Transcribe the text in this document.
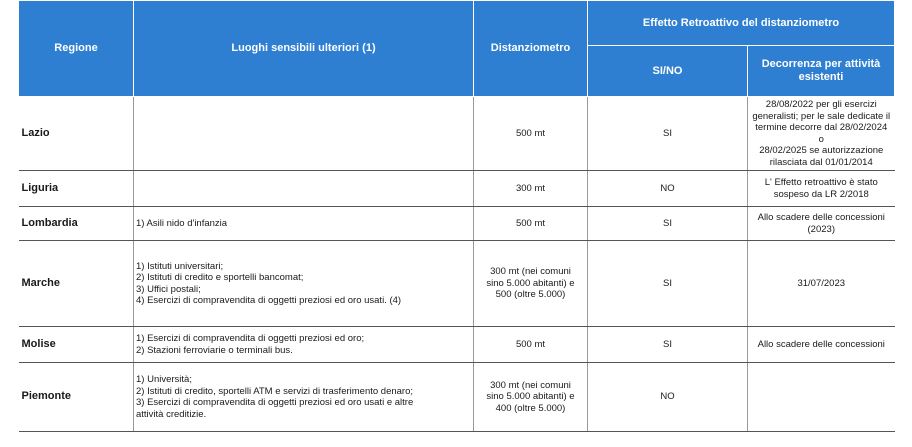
Regione	Luoghi sensibili ulteriori (1)	Distanziometro	Effetto Retroattivo del distanziometro	
			SI/NO	Decorrenza per attività esistenti
Lazio		500 mt	SI	28/08/2022 per gli esercizi
generalisti; per le sale dedicate il
termine decorre dal 28/02/2024 o
28/02/2025 se autorizzazione
rilasciata dal 01/01/2014

Liguria		300 mt	NO	L' Effetto retroattivo è stato
sospeso da LR 2/2018

Lombardia	1) Asili nido d'infanzia	500 mt	SI	Allo scadere delle concessioni
(2023)

Marche	1) Istituti universitari;
2) Istituti di credito e sportelli bancomat;
3) Uffici postali;
4) Esercizi di compravendita di oggetti preziosi ed oro usati. (4)	300 mt (nei comuni
sino 5.000 abitanti) e
500 (oltre 5.000)	SI	31/07/2023

Molise	1) Esercizi di compravendita di oggetti preziosi ed oro;
2) Stazioni ferroviarie o terminali bus.	500 mt	SI	Allo scadere delle concessioni

Piemonte	1) Università;
2) Istituti di credito, sportelli ATM e servizi di trasferimento denaro;
3) Esercizi di compravendita di oggetti preziosi ed oro usati e altre
attività creditizie.	300 mt (nei comuni
sino 5.000 abitanti) e
400 (oltre 5.000)	NO	
